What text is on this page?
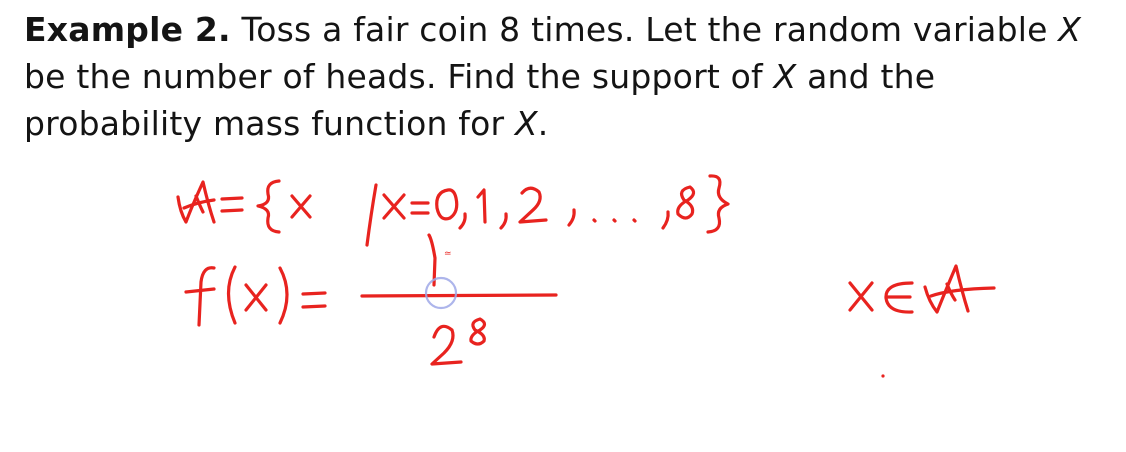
Example 2. Toss a fair coin 8 times. Let the random variable X be the number of heads. Find the support of X and the probability mass function for X.
≃
